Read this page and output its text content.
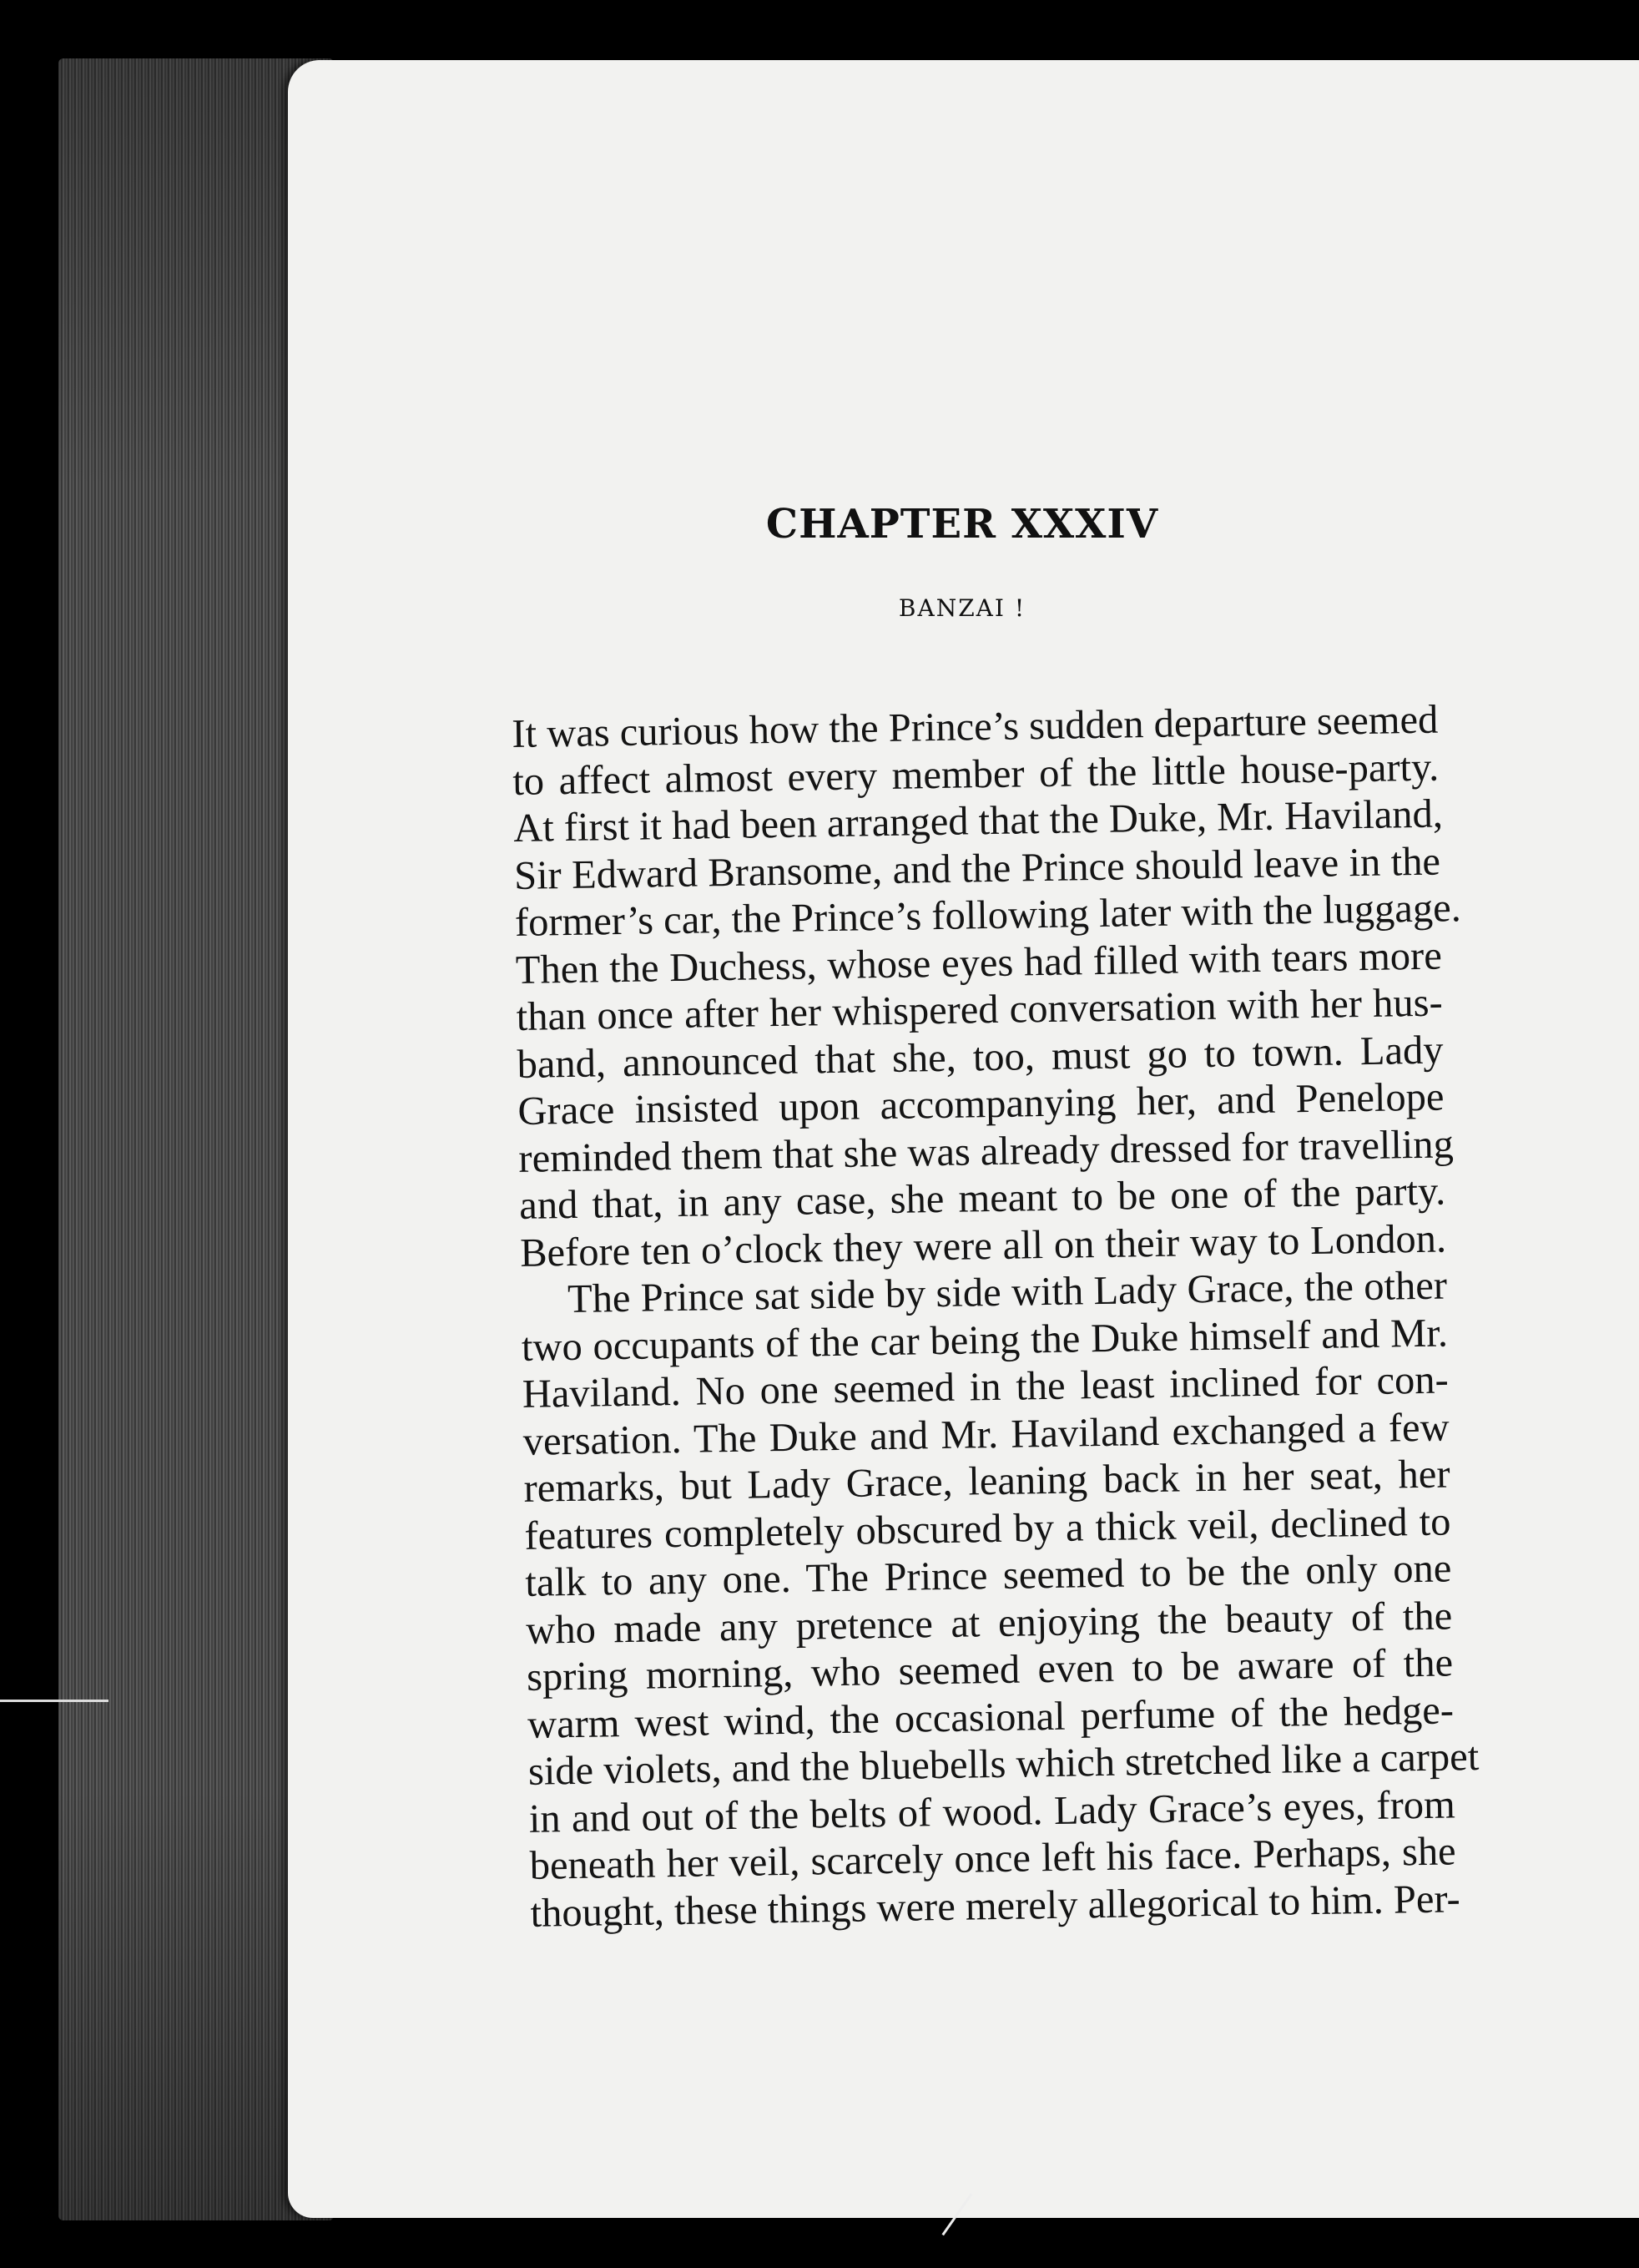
CHAPTER XXXIV
BANZAI !
It was curious how the Prince’s sudden departure seemed
to affect almost every member of the little house-party.
At first it had been arranged that the Duke, Mr. Haviland,
Sir Edward Bransome, and the Prince should leave in the
former’s car, the Prince’s following later with the luggage.
Then the Duchess, whose eyes had filled with tears more
than once after her whispered conversation with her hus-
band, announced that she, too, must go to town. Lady
Grace insisted upon accompanying her, and Penelope
reminded them that she was already dressed for travelling
and that, in any case, she meant to be one of the party.
Before ten o’clock they were all on their way to London.
The Prince sat side by side with Lady Grace, the other
two occupants of the car being the Duke himself and Mr.
Haviland. No one seemed in the least inclined for con-
versation. The Duke and Mr. Haviland exchanged a few
remarks, but Lady Grace, leaning back in her seat, her
features completely obscured by a thick veil, declined to
talk to any one. The Prince seemed to be the only one
who made any pretence at enjoying the beauty of the
spring morning, who seemed even to be aware of the
warm west wind, the occasional perfume of the hedge-
side violets, and the bluebells which stretched like a carpet
in and out of the belts of wood. Lady Grace’s eyes, from
beneath her veil, scarcely once left his face. Perhaps, she
thought, these things were merely allegorical to him. Per-
